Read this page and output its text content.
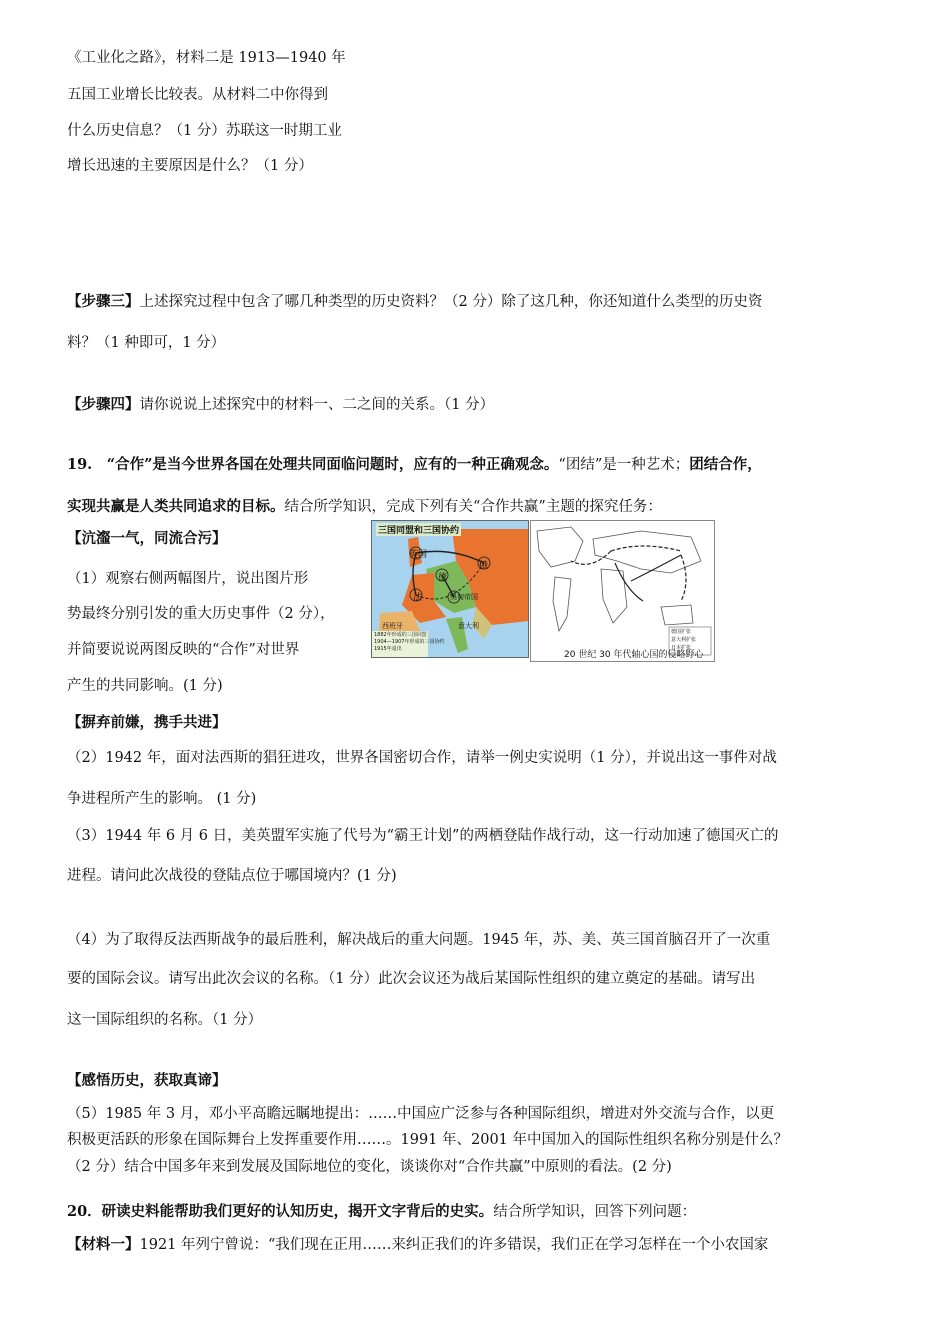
《工业化之路》，材料二是 1913—1940 年
五国工业增长比较表。从材料二中你得到
什么历史信息？（1 分）苏联这一时期工业
增长迅速的主要原因是什么？（1 分）
【步骤三】上述探究过程中包含了哪几种类型的历史资料？（2 分）除了这几种，你还知道什么类型的历史资
料？（1 种即可，1 分）
【步骤四】请你说说上述探究中的材料一、二之间的关系。（1 分）
19.　“合作”是当今世界各国在处理共同面临问题时，应有的一种正确观念。“团结”是一种艺术；团结合作，
实现共赢是人类共同追求的目标。结合所学知识，完成下列有关“合作共赢”主题的探究任务：
【沆瀣一气，同流合污】
（1）观察右侧两幅图片，说出图片形
势最终分别引发的重大历史事件（2 分），
并简要说说两图反映的“合作”对世界
产生的共同影响。(1 分)
三国同盟和三国协约
英国
法
俄
德
奥匈帝国
意大利
西班牙
1882年形成的三国同盟
1904—1907年形成的三国协约
1915年退出
德国扩张
意大利扩张
日本扩张
20 世纪 30 年代轴心国的侵略野心
【摒弃前嫌，携手共进】
（2）1942 年，面对法西斯的猖狂进攻，世界各国密切合作，请举一例史实说明（1 分），并说出这一事件对战
争进程所产生的影响。 (1 分)
（3）1944 年 6 月 6 日，美英盟军实施了代号为“霸王计划”的两栖登陆作战行动，这一行动加速了德国灭亡的
进程。请问此次战役的登陆点位于哪国境内？(1 分)
（4）为了取得反法西斯战争的最后胜利，解决战后的重大问题。1945 年，苏、美、英三国首脑召开了一次重
要的国际会议。请写出此次会议的名称。（1 分）此次会议还为战后某国际性组织的建立奠定的基础。请写出
这一国际组织的名称。（1 分）
【感悟历史，获取真谛】
（5）1985 年 3 月，邓小平高瞻远瞩地提出：……中国应广泛参与各种国际组织，增进对外交流与合作，以更
积极更活跃的形象在国际舞台上发挥重要作用……。1991 年、2001 年中国加入的国际性组织名称分别是什么？
（2 分）结合中国多年来到发展及国际地位的变化，谈谈你对“合作共赢”中原则的看法。(2 分)
20．研读史料能帮助我们更好的认知历史，揭开文字背后的史实。结合所学知识，回答下列问题：
【材料一】1921 年列宁曾说：“我们现在正用……来纠正我们的许多错误，我们正在学习怎样在一个小农国家
